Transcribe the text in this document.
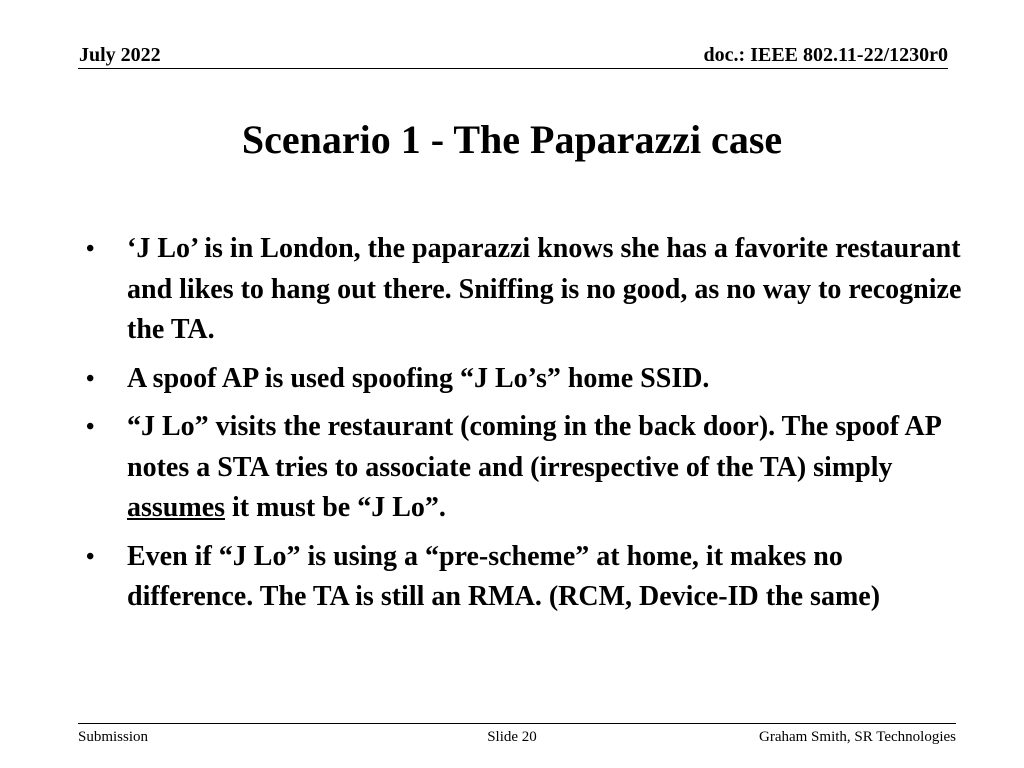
July 2022	doc.: IEEE 802.11-22/1230r0
Scenario 1 - The Paparazzi case
• ‘J Lo’ is in London, the paparazzi knows she has a favorite restaurant and likes to hang out there. Sniffing is no good, as no way to recognize the TA.
• A spoof AP is used spoofing “J Lo’s” home SSID.
• “J Lo” visits the restaurant (coming in the back door). The spoof AP notes a STA tries to associate and (irrespective of the TA) simply assumes it must be “J Lo”.
• Even if “J Lo” is using a “pre-scheme” at home, it makes no difference. The TA is still an RMA. (RCM, Device-ID the same)
Submission	Slide 20	Graham Smith, SR Technologies
